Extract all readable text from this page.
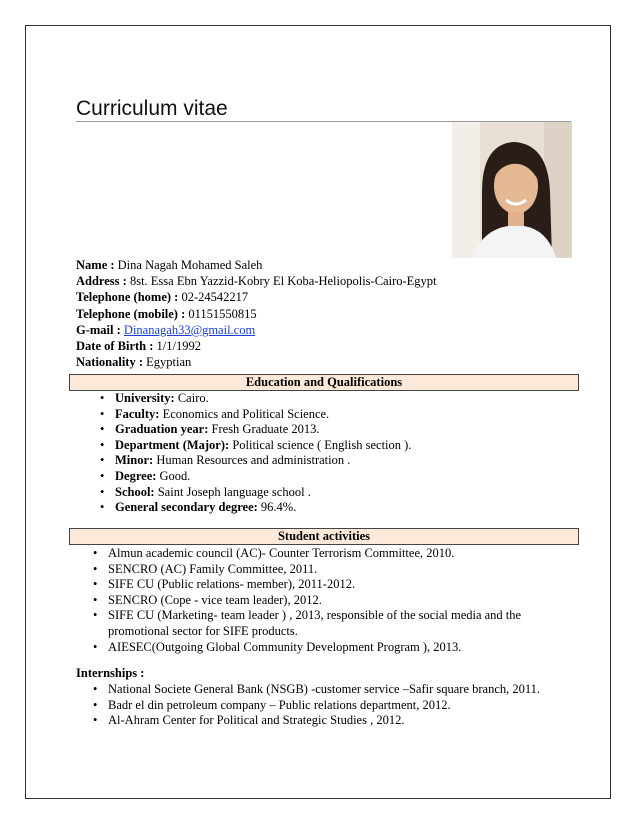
Curriculum vitae
Name : Dina Nagah Mohamed Saleh
Address : 8st. Essa Ebn Yazzid-Kobry El Koba-Heliopolis-Cairo-Egypt
Telephone (home) : 02-24542217
Telephone (mobile) : 01151550815
G-mail : Dinanagah33@gmail.com
Date of Birth : 1/1/1992
Nationality : Egyptian
Education and Qualifications
• University: Cairo.
• Faculty: Economics and Political Science.
• Graduation year: Fresh Graduate 2013.
• Department (Major): Political science ( English section ).
• Minor: Human Resources and administration .
• Degree: Good.
• School: Saint Joseph language school .
• General secondary degree: 96.4%.
Student activities
• Almun academic council (AC)- Counter Terrorism Committee, 2010.
• SENCRO (AC) Family Committee, 2011.
• SIFE CU (Public relations- member), 2011-2012.
• SENCRO (Cope - vice team leader), 2012.
• SIFE CU (Marketing- team leader ) , 2013, responsible of the social media and the promotional sector for SIFE products.
• AIESEC(Outgoing Global Community Development Program ), 2013.
Internships :
• National Societe General Bank (NSGB) -customer service –Safir square branch, 2011.
• Badr el din petroleum company – Public relations department, 2012.
• Al-Ahram Center for Political and Strategic Studies , 2012.
